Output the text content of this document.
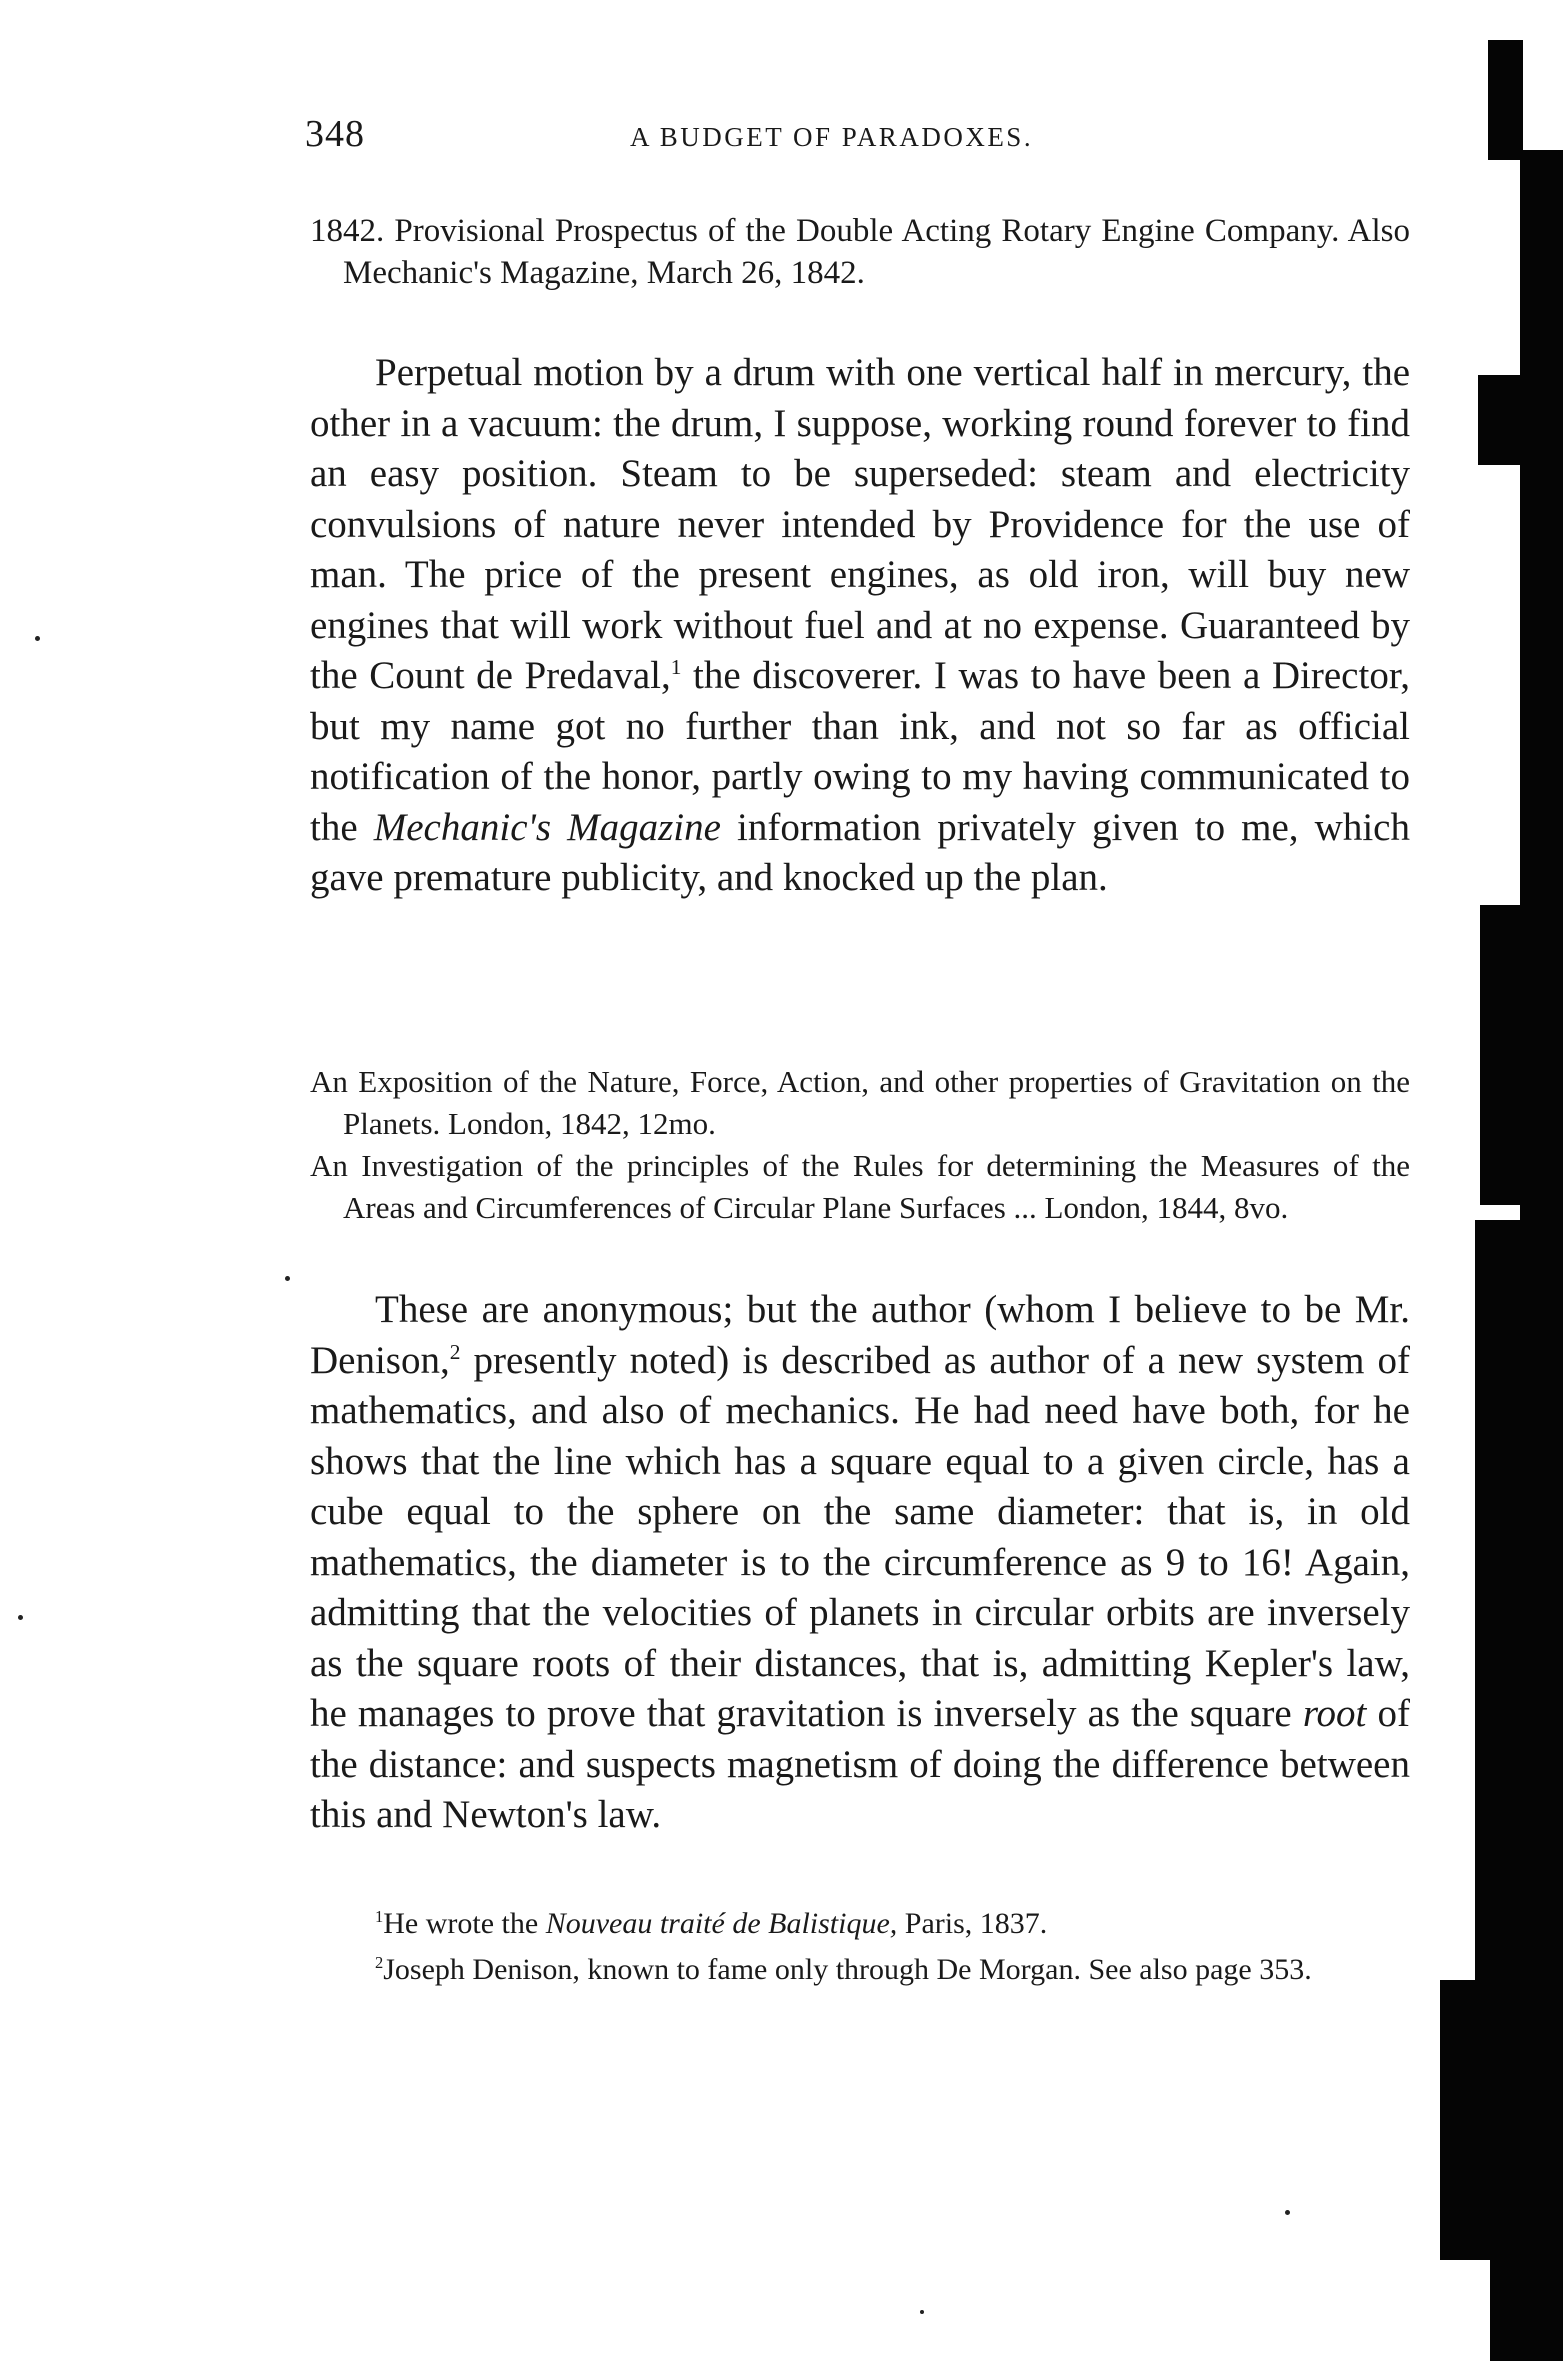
348	A BUDGET OF PARADOXES.

1842. Provisional Prospectus of the Double Acting Rotary Engine Company. Also Mechanic's Magazine, March 26, 1842.

Perpetual motion by a drum with one vertical half in mercury, the other in a vacuum: the drum, I suppose, working round forever to find an easy position. Steam to be superseded: steam and electricity convulsions of nature never intended by Providence for the use of man. The price of the present engines, as old iron, will buy new engines that will work without fuel and at no expense. Guaranteed by the Count de Predaval,$^1$ the discoverer. I was to have been a Director, but my name got no further than ink, and not so far as official notification of the honor, partly owing to my having communicated to the Mechanic's Magazine information privately given to me, which gave premature publicity, and knocked up the plan.

An Exposition of the Nature, Force, Action, and other properties of Gravitation on the Planets. London, 1842, 12mo.

An Investigation of the principles of the Rules for determining the Measures of the Areas and Circumferences of Circular Plane Surfaces ... London, 1844, 8vo.

These are anonymous; but the author (whom I believe to be Mr. Denison,$^2$ presently noted) is described as author of a new system of mathematics, and also of mechanics. He had need have both, for he shows that the line which has a square equal to a given circle, has a cube equal to the sphere on the same diameter: that is, in old mathematics, the diameter is to the circumference as 9 to 16! Again, admitting that the velocities of planets in circular orbits are inversely as the square roots of their distances, that is, admitting Kepler's law, he manages to prove that gravitation is inversely as the square root of the distance: and suspects magnetism of doing the difference between this and Newton's law.

$^1$He wrote the Nouveau traité de Balistique, Paris, 1837.

$^2$Joseph Denison, known to fame only through De Morgan. See also page 353.
